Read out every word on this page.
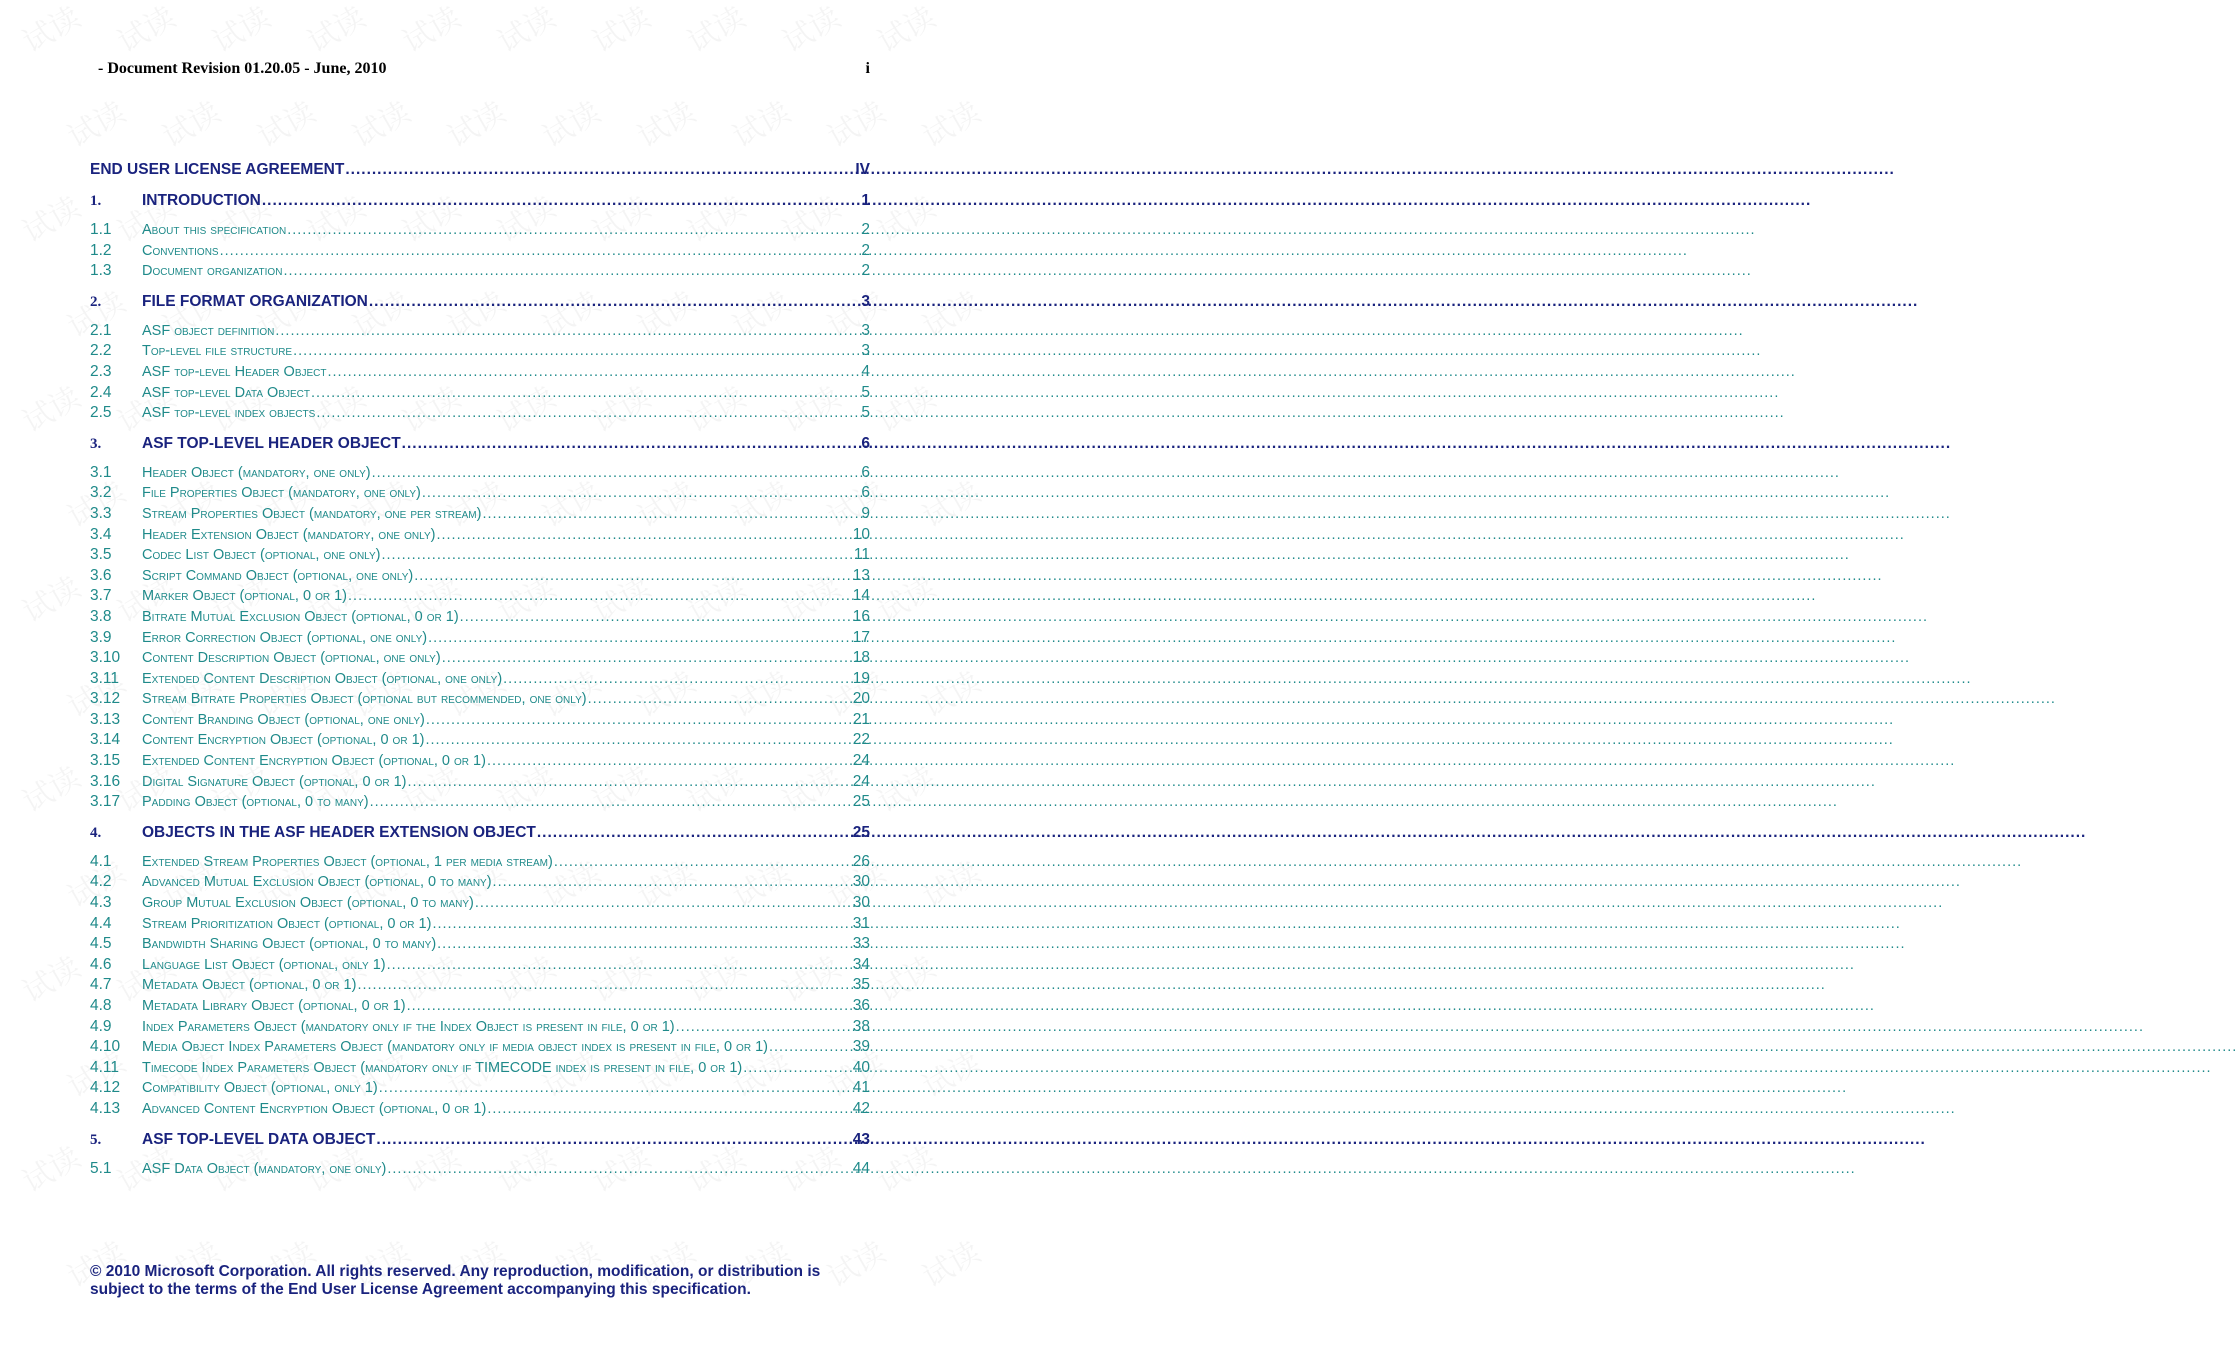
- Document Revision 01.20.05 - June, 2010	i
END USER LICENSE AGREEMENT .....	IV
1.	INTRODUCTION .....	1
1.1	About this specification .....	2
1.2	Conventions .....	2
1.3	Document organization .....	2
2.	FILE FORMAT ORGANIZATION .....	3
2.1	ASF object definition .....	3
2.2	Top-level file structure .....	3
2.3	ASF top-level Header Object .....	4
2.4	ASF top-level Data Object .....	5
2.5	ASF top-level index objects .....	5
3.	ASF TOP-LEVEL HEADER OBJECT .....	6
3.1	Header Object (mandatory, one only) .....	6
3.2	File Properties Object (mandatory, one only) .....	6
3.3	Stream Properties Object (mandatory, one per stream) .....	9
3.4	Header Extension Object (mandatory, one only) .....	10
3.5	Codec List Object (optional, one only) .....	11
3.6	Script Command Object (optional, one only) .....	13
3.7	Marker Object (optional, 0 or 1) .....	14
3.8	Bitrate Mutual Exclusion Object (optional, 0 or 1) .....	16
3.9	Error Correction Object (optional, one only) .....	17
3.10	Content Description Object (optional, one only) .....	18
3.11	Extended Content Description Object (optional, one only) .....	19
3.12	Stream Bitrate Properties Object (optional but recommended, one only) .....	20
3.13	Content Branding Object (optional, one only) .....	21
3.14	Content Encryption Object (optional, 0 or 1) .....	22
3.15	Extended Content Encryption Object (optional, 0 or 1) .....	24
3.16	Digital Signature Object (optional, 0 or 1) .....	24
3.17	Padding Object (optional, 0 to many) .....	25
4.	OBJECTS IN THE ASF HEADER EXTENSION OBJECT .....	25
4.1	Extended Stream Properties Object (optional, 1 per media stream) .....	26
4.2	Advanced Mutual Exclusion Object (optional, 0 to many) .....	30
4.3	Group Mutual Exclusion Object (optional, 0 to many) .....	30
4.4	Stream Prioritization Object (optional, 0 or 1) .....	31
4.5	Bandwidth Sharing Object (optional, 0 to many) .....	33
4.6	Language List Object (optional, only 1) .....	34
4.7	Metadata Object (optional, 0 or 1) .....	35
4.8	Metadata Library Object (optional, 0 or 1) .....	36
4.9	Index Parameters Object (mandatory only if the Index Object is present in file, 0 or 1) .....	38
4.10	Media Object Index Parameters Object (mandatory only if media object index is present in file, 0 or 1) .....	39
4.11	Timecode Index Parameters Object (mandatory only if TIMECODE index is present in file, 0 or 1) .....	40
4.12	Compatibility Object (optional, only 1) .....	41
4.13	Advanced Content Encryption Object (optional, 0 or 1) .....	42
5.	ASF TOP-LEVEL DATA OBJECT .....	43
5.1	ASF Data Object (mandatory, one only) .....	44
© 2010 Microsoft Corporation. All rights reserved. Any reproduction, modification, or distribution is subject to the terms of the End User License Agreement accompanying this specification.
